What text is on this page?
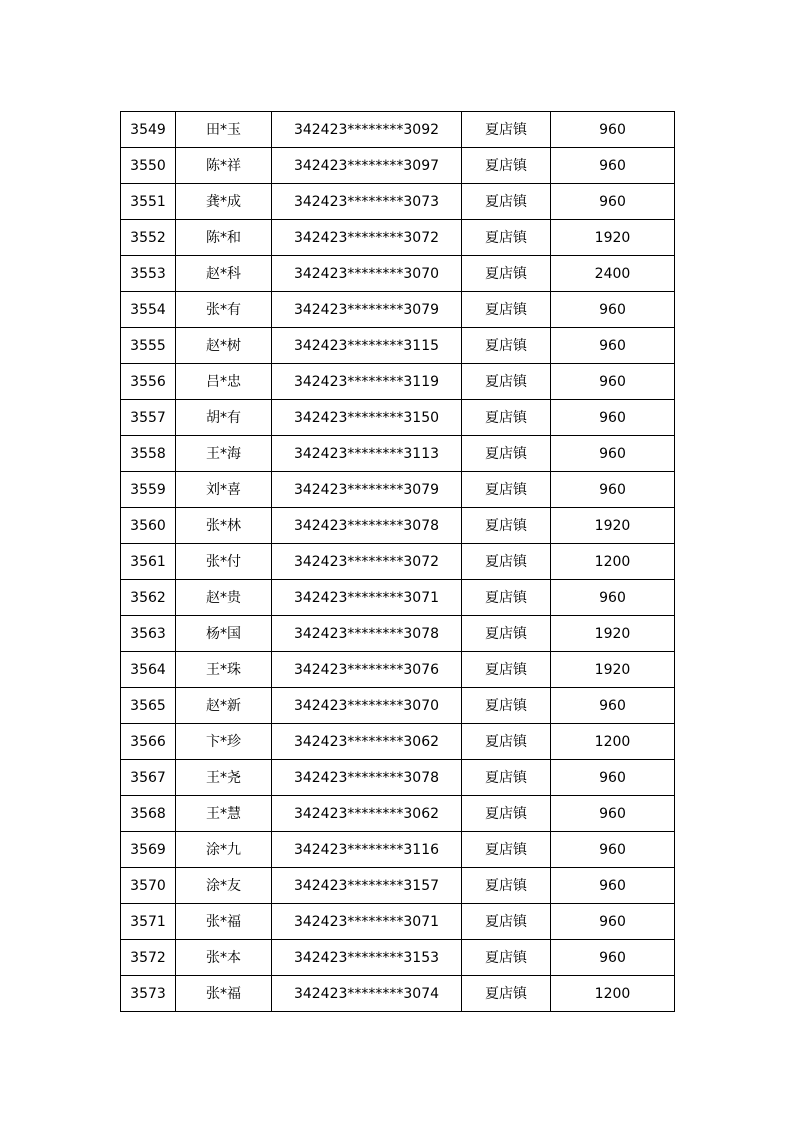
3549	田*玉	342423********3092	夏店镇	960
3550	陈*祥	342423********3097	夏店镇	960
3551	龚*成	342423********3073	夏店镇	960
3552	陈*和	342423********3072	夏店镇	1920
3553	赵*科	342423********3070	夏店镇	2400
3554	张*有	342423********3079	夏店镇	960
3555	赵*树	342423********3115	夏店镇	960
3556	吕*忠	342423********3119	夏店镇	960
3557	胡*有	342423********3150	夏店镇	960
3558	王*海	342423********3113	夏店镇	960
3559	刘*喜	342423********3079	夏店镇	960
3560	张*林	342423********3078	夏店镇	1920
3561	张*付	342423********3072	夏店镇	1200
3562	赵*贵	342423********3071	夏店镇	960
3563	杨*国	342423********3078	夏店镇	1920
3564	王*珠	342423********3076	夏店镇	1920
3565	赵*新	342423********3070	夏店镇	960
3566	卞*珍	342423********3062	夏店镇	1200
3567	王*尧	342423********3078	夏店镇	960
3568	王*慧	342423********3062	夏店镇	960
3569	涂*九	342423********3116	夏店镇	960
3570	涂*友	342423********3157	夏店镇	960
3571	张*福	342423********3071	夏店镇	960
3572	张*本	342423********3153	夏店镇	960
3573	张*福	342423********3074	夏店镇	1200
